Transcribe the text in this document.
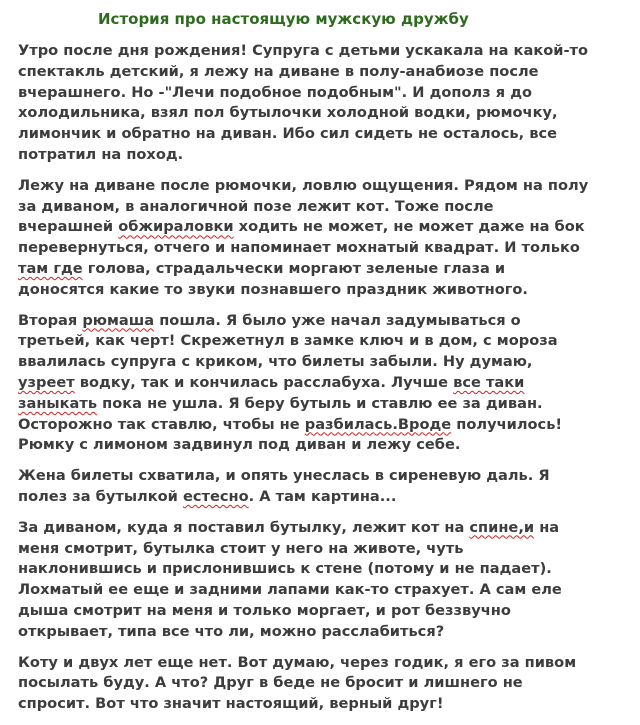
История про настоящую мужскую дружбу

Утро после дня рождения! Супруга с детьми ускакала на какой-то
спектакль детский, я лежу на диване в полу-анабиозе после
вчерашнего. Но -"Лечи подобное подобным". И дополз я до
холодильника, взял пол бутылочки холодной водки, рюмочку,
лимончик и обратно на диван. Ибо сил сидеть не осталось, все
потратил на поход.

Лежу на диване после рюмочки, ловлю ощущения. Рядом на полу
за диваном, в аналогичной позе лежит кот. Тоже после
вчерашней обжираловки ходить не может, не может даже на бок
перевернуться, отчего и напоминает мохнатый квадрат. И только
там где голова, страдальчески моргают зеленые глаза и
доносятся какие то звуки познавшего праздник животного.

Вторая рюмаша пошла. Я было уже начал задумываться о
третьей, как черт! Скрежетнул в замке ключ и в дом, с мороза
ввалилась супруга с криком, что билеты забыли. Ну думаю,
узреет водку, так и кончилась расслабуха. Лучше все таки
заныкать пока не ушла. Я беру бутыль и ставлю ее за диван.
Осторожно так ставлю, чтобы не разбилась.Вроде получилось!
Рюмку с лимоном задвинул под диван и лежу себе.

Жена билеты схватила, и опять унеслась в сиреневую даль. Я
полез за бутылкой естесно. А там картина...

За диваном, куда я поставил бутылку, лежит кот на спине,и на
меня смотрит, бутылка стоит у него на животе, чуть
наклонившись и прислонившись к стене (потому и не падает).
Лохматый ее еще и задними лапами как-то страхует. А сам еле
дыша смотрит на меня и только моргает, и рот беззвучно
открывает, типа все что ли, можно расслабиться?

Коту и двух лет еще нет. Вот думаю, через годик, я его за пивом
посылать буду. А что? Друг в беде не бросит и лишнего не
спросит. Вот что значит настоящий, верный друг!
